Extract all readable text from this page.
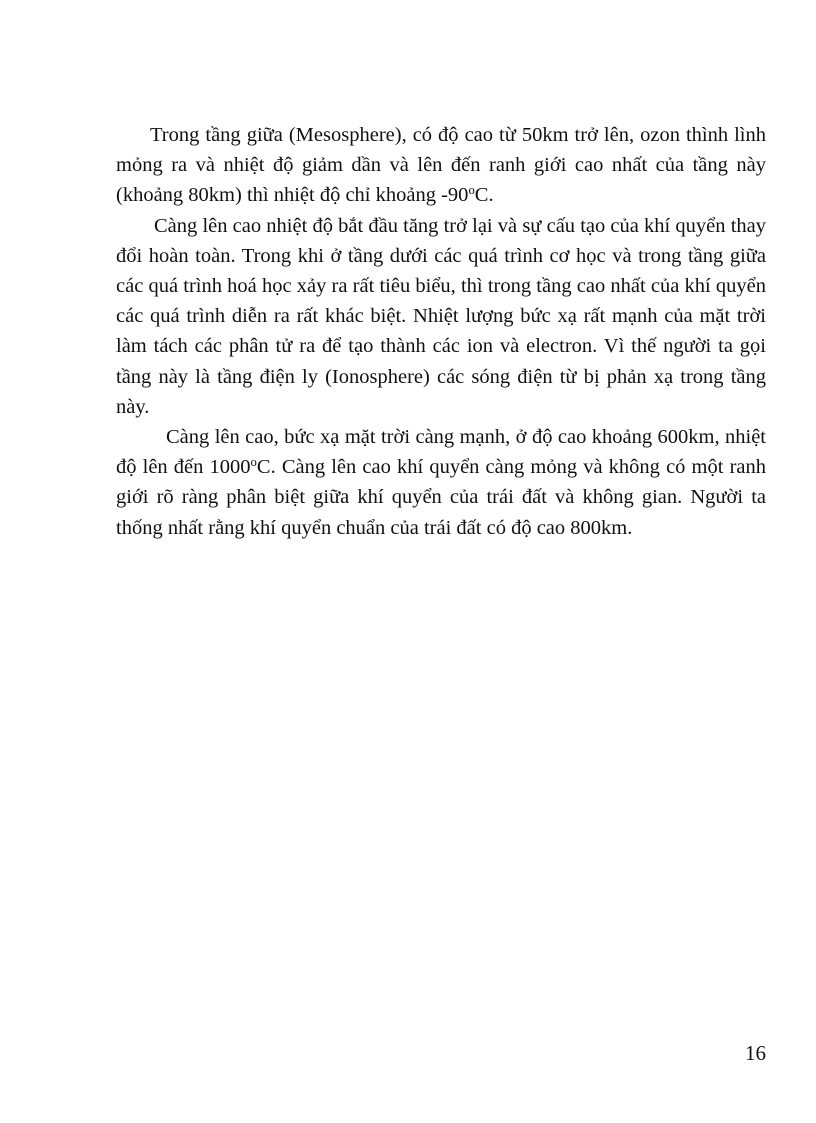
Trong tầng giữa (Mesosphere), có độ cao từ 50km trở lên, ozon thình lình mỏng ra và nhiệt độ giảm dần và lên đến ranh giới cao nhất của tầng này (khoảng 80km) thì nhiệt độ chỉ khoảng -90$^o$C.

Càng lên cao nhiệt độ bắt đầu tăng trở lại và sự cấu tạo của khí quyển thay đổi hoàn toàn. Trong khi ở tầng dưới các quá trình cơ học và trong tầng giữa các quá trình hoá học xảy ra rất tiêu biểu, thì trong tầng cao nhất của khí quyển các quá trình diễn ra rất khác biệt. Nhiệt lượng bức xạ rất mạnh của mặt trời làm tách các phân tử ra để tạo thành các ion và electron. Vì thế người ta gọi tầng này là tầng điện ly (Ionosphere) các sóng điện từ bị phản xạ trong tầng này.

Càng lên cao, bức xạ mặt trời càng mạnh, ở độ cao khoảng 600km, nhiệt độ lên đến 1000$^o$C. Càng lên cao khí quyển càng mỏng và không có một ranh giới rõ ràng phân biệt giữa khí quyển của trái đất và không gian. Người ta thống nhất rằng khí quyển chuẩn của trái đất có độ cao 800km.

16
